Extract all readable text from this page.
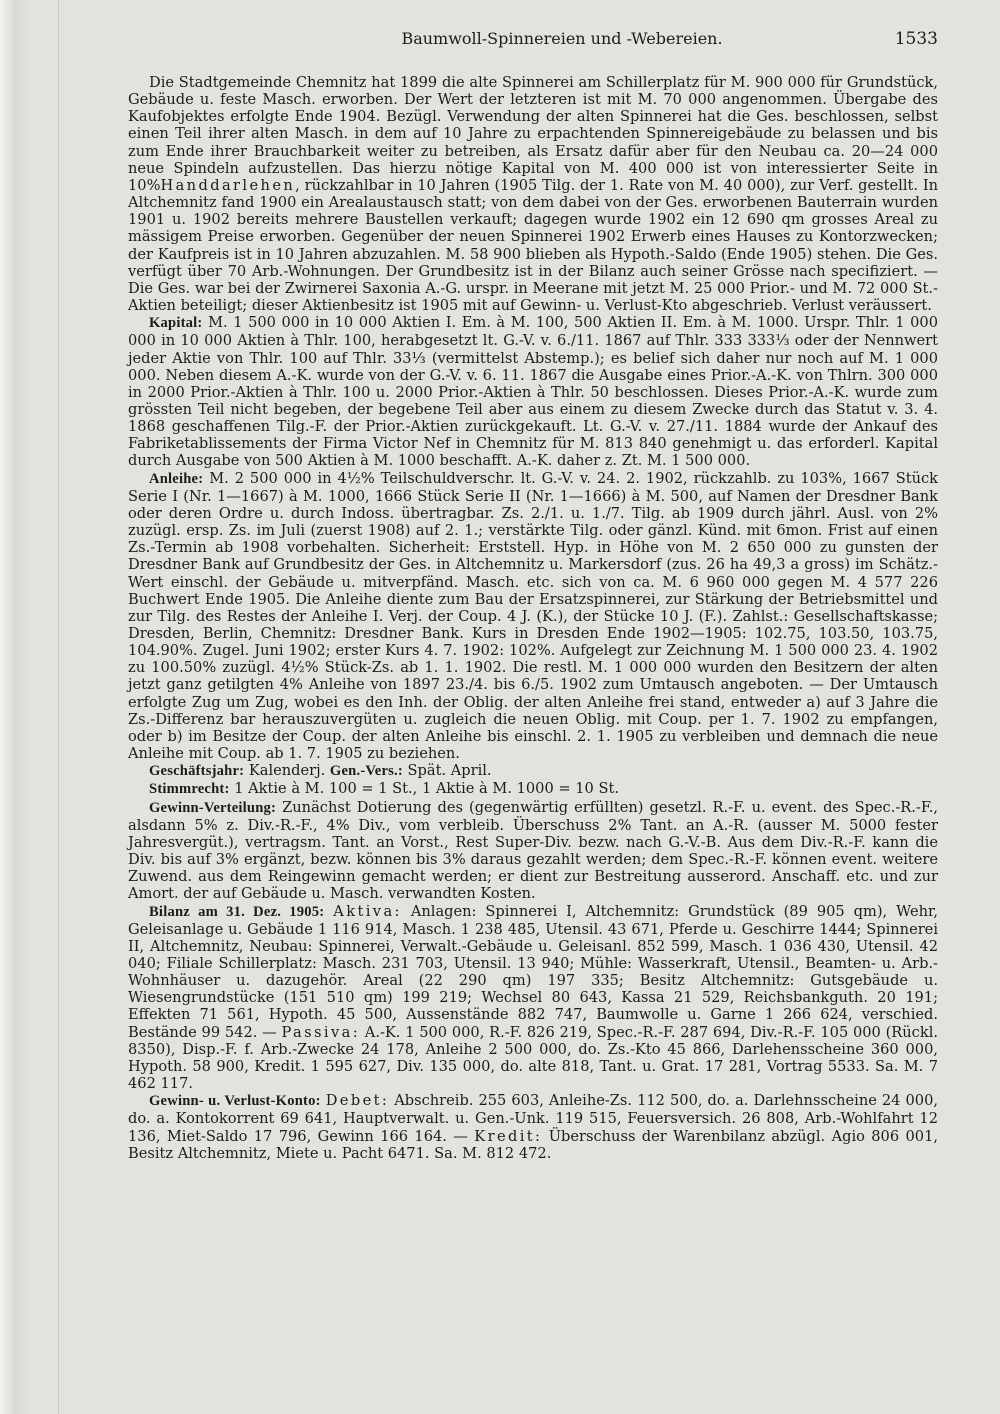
Baumwoll-Spinnereien und -Webereien.	1533

Die Stadtgemeinde Chemnitz hat 1899 die alte Spinnerei am Schillerplatz für M. 900 000 für Grundstück, Gebäude u. feste Masch. erworben. Der Wert der letzteren ist mit M. 70 000 angenommen. Übergabe des Kaufobjektes erfolgte Ende 1904. Bezügl. Verwendung der alten Spinnerei hat die Ges. beschlossen, selbst einen Teil ihrer alten Masch. in dem auf 10 Jahre zu erpachtenden Spinnereigebäude zu belassen und bis zum Ende ihrer Brauchbarkeit weiter zu betreiben, als Ersatz dafür aber für den Neubau ca. 20—24 000 neue Spindeln aufzustellen. Das hierzu nötige Kapital von M. 400 000 ist von interessierter Seite in 10%Handdarlehen, rückzahlbar in 10 Jahren (1905 Tilg. der 1. Rate von M. 40 000), zur Verf. gestellt. In Altchemnitz fand 1900 ein Arealaustausch statt; von dem dabei von der Ges. erworbenen Bauterrain wurden 1901 u. 1902 bereits mehrere Baustellen verkauft; dagegen wurde 1902 ein 12 690 qm grosses Areal zu mässigem Preise erworben. Gegenüber der neuen Spinnerei 1902 Erwerb eines Hauses zu Kontorzwecken; der Kaufpreis ist in 10 Jahren abzuzahlen. M. 58 900 blieben als Hypoth.-Saldo (Ende 1905) stehen. Die Ges. verfügt über 70 Arb.-Wohnungen. Der Grundbesitz ist in der Bilanz auch seiner Grösse nach specifiziert. — Die Ges. war bei der Zwirnerei Saxonia A.-G. urspr. in Meerane mit jetzt M. 25 000 Prior.- und M. 72 000 St.-Aktien beteiligt; dieser Aktienbesitz ist 1905 mit auf Gewinn- u. Verlust-Kto abgeschrieb. Verlust veräussert.

Kapital: M. 1 500 000 in 10 000 Aktien I. Em. à M. 100, 500 Aktien II. Em. à M. 1000. Urspr. Thlr. 1 000 000 in 10 000 Aktien à Thlr. 100, herabgesetzt lt. G.-V. v. 6./11. 1867 auf Thlr. 333 333⅓ oder der Nennwert jeder Aktie von Thlr. 100 auf Thlr. 33⅓ (vermittelst Abstemp.); es belief sich daher nur noch auf M. 1 000 000. Neben diesem A.-K. wurde von der G.-V. v. 6. 11. 1867 die Ausgabe eines Prior.-A.-K. von Thlrn. 300 000 in 2000 Prior.-Aktien à Thlr. 100 u. 2000 Prior.-Aktien à Thlr. 50 beschlossen. Dieses Prior.-A.-K. wurde zum grössten Teil nicht begeben, der begebene Teil aber aus einem zu diesem Zwecke durch das Statut v. 3. 4. 1868 geschaffenen Tilg.-F. der Prior.-Aktien zurückgekauft. Lt. G.-V. v. 27./11. 1884 wurde der Ankauf des Fabriketablissements der Firma Victor Nef in Chemnitz für M. 813 840 genehmigt u. das erforderl. Kapital durch Ausgabe von 500 Aktien à M. 1000 beschafft. A.-K. daher z. Zt. M. 1 500 000.

Anleihe: M. 2 500 000 in 4½% Teilschuldverschr. lt. G.-V. v. 24. 2. 1902, rückzahlb. zu 103%, 1667 Stück Serie I (Nr. 1—1667) à M. 1000, 1666 Stück Serie II (Nr. 1—1666) à M. 500, auf Namen der Dresdner Bank oder deren Ordre u. durch Indoss. übertragbar. Zs. 2./1. u. 1./7. Tilg. ab 1909 durch jährl. Ausl. von 2% zuzügl. ersp. Zs. im Juli (zuerst 1908) auf 2. 1.; verstärkte Tilg. oder gänzl. Künd. mit 6mon. Frist auf einen Zs.-Termin ab 1908 vorbehalten. Sicherheit: Erststell. Hyp. in Höhe von M. 2 650 000 zu gunsten der Dresdner Bank auf Grundbesitz der Ges. in Altchemnitz u. Markersdorf (zus. 26 ha 49,3 a gross) im Schätz.-Wert einschl. der Gebäude u. mitverpfänd. Masch. etc. sich von ca. M. 6 960 000 gegen M. 4 577 226 Buchwert Ende 1905. Die Anleihe diente zum Bau der Ersatzspinnerei, zur Stärkung der Betriebsmittel und zur Tilg. des Restes der Anleihe I. Verj. der Coup. 4 J. (K.), der Stücke 10 J. (F.). Zahlst.: Gesellschaftskasse; Dresden, Berlin, Chemnitz: Dresdner Bank. Kurs in Dresden Ende 1902—1905: 102.75, 103.50, 103.75, 104.90%. Zugel. Juni 1902; erster Kurs 4. 7. 1902: 102%. Aufgelegt zur Zeichnung M. 1 500 000 23. 4. 1902 zu 100.50% zuzügl. 4½% Stück-Zs. ab 1. 1. 1902. Die restl. M. 1 000 000 wurden den Besitzern der alten jetzt ganz getilgten 4% Anleihe von 1897 23./4. bis 6./5. 1902 zum Umtausch angeboten. — Der Umtausch erfolgte Zug um Zug, wobei es den Inh. der Oblig. der alten Anleihe frei stand, entweder a) auf 3 Jahre die Zs.-Differenz bar herauszuvergüten u. zugleich die neuen Oblig. mit Coup. per 1. 7. 1902 zu empfangen, oder b) im Besitze der Coup. der alten Anleihe bis einschl. 2. 1. 1905 zu verbleiben und demnach die neue Anleihe mit Coup. ab 1. 7. 1905 zu beziehen.

Geschäftsjahr: Kalenderj. Gen.-Vers.: Spät. April.

Stimmrecht: 1 Aktie à M. 100 = 1 St., 1 Aktie à M. 1000 = 10 St.

Gewinn-Verteilung: Zunächst Dotierung des (gegenwärtig erfüllten) gesetzl. R.-F. u. event. des Spec.-R.-F., alsdann 5% z. Div.-R.-F., 4% Div., vom verbleib. Überschuss 2% Tant. an A.-R. (ausser M. 5000 fester Jahresvergüt.), vertragsm. Tant. an Vorst., Rest Super-Div. bezw. nach G.-V.-B. Aus dem Div.-R.-F. kann die Div. bis auf 3% ergänzt, bezw. können bis 3% daraus gezahlt werden; dem Spec.-R.-F. können event. weitere Zuwend. aus dem Reingewinn gemacht werden; er dient zur Bestreitung ausserord. Anschaff. etc. und zur Amort. der auf Gebäude u. Masch. verwandten Kosten.

Bilanz am 31. Dez. 1905: Aktiva: Anlagen: Spinnerei I, Altchemnitz: Grundstück (89 905 qm), Wehr, Geleisanlage u. Gebäude 1 116 914, Masch. 1 238 485, Utensil. 43 671, Pferde u. Geschirre 1444; Spinnerei II, Altchemnitz, Neubau: Spinnerei, Verwalt.-Gebäude u. Geleisanl. 852 599, Masch. 1 036 430, Utensil. 42 040; Filiale Schillerplatz: Masch. 231 703, Utensil. 13 940; Mühle: Wasserkraft, Utensil., Beamten- u. Arb.-Wohnhäuser u. dazugehör. Areal (22 290 qm) 197 335; Besitz Altchemnitz: Gutsgebäude u. Wiesengrundstücke (151 510 qm) 199 219; Wechsel 80 643, Kassa 21 529, Reichsbankguth. 20 191; Effekten 71 561, Hypoth. 45 500, Aussenstände 882 747, Baumwolle u. Garne 1 266 624, verschied. Bestände 99 542. — Passiva: A.-K. 1 500 000, R.-F. 826 219, Spec.-R.-F. 287 694, Div.-R.-F. 105 000 (Rückl. 8350), Disp.-F. f. Arb.-Zwecke 24 178, Anleihe 2 500 000, do. Zs.-Kto 45 866, Darlehensscheine 360 000, Hypoth. 58 900, Kredit. 1 595 627, Div. 135 000, do. alte 818, Tant. u. Grat. 17 281, Vortrag 5533. Sa. M. 7 462 117.

Gewinn- u. Verlust-Konto: Debet: Abschreib. 255 603, Anleihe-Zs. 112 500, do. a. Darlehnsscheine 24 000, do. a. Kontokorrent 69 641, Hauptverwalt. u. Gen.-Unk. 119 515, Feuersversich. 26 808, Arb.-Wohlfahrt 12 136, Miet-Saldo 17 796, Gewinn 166 164. — Kredit: Überschuss der Warenbilanz abzügl. Agio 806 001, Besitz Altchemnitz, Miete u. Pacht 6471. Sa. M. 812 472.
